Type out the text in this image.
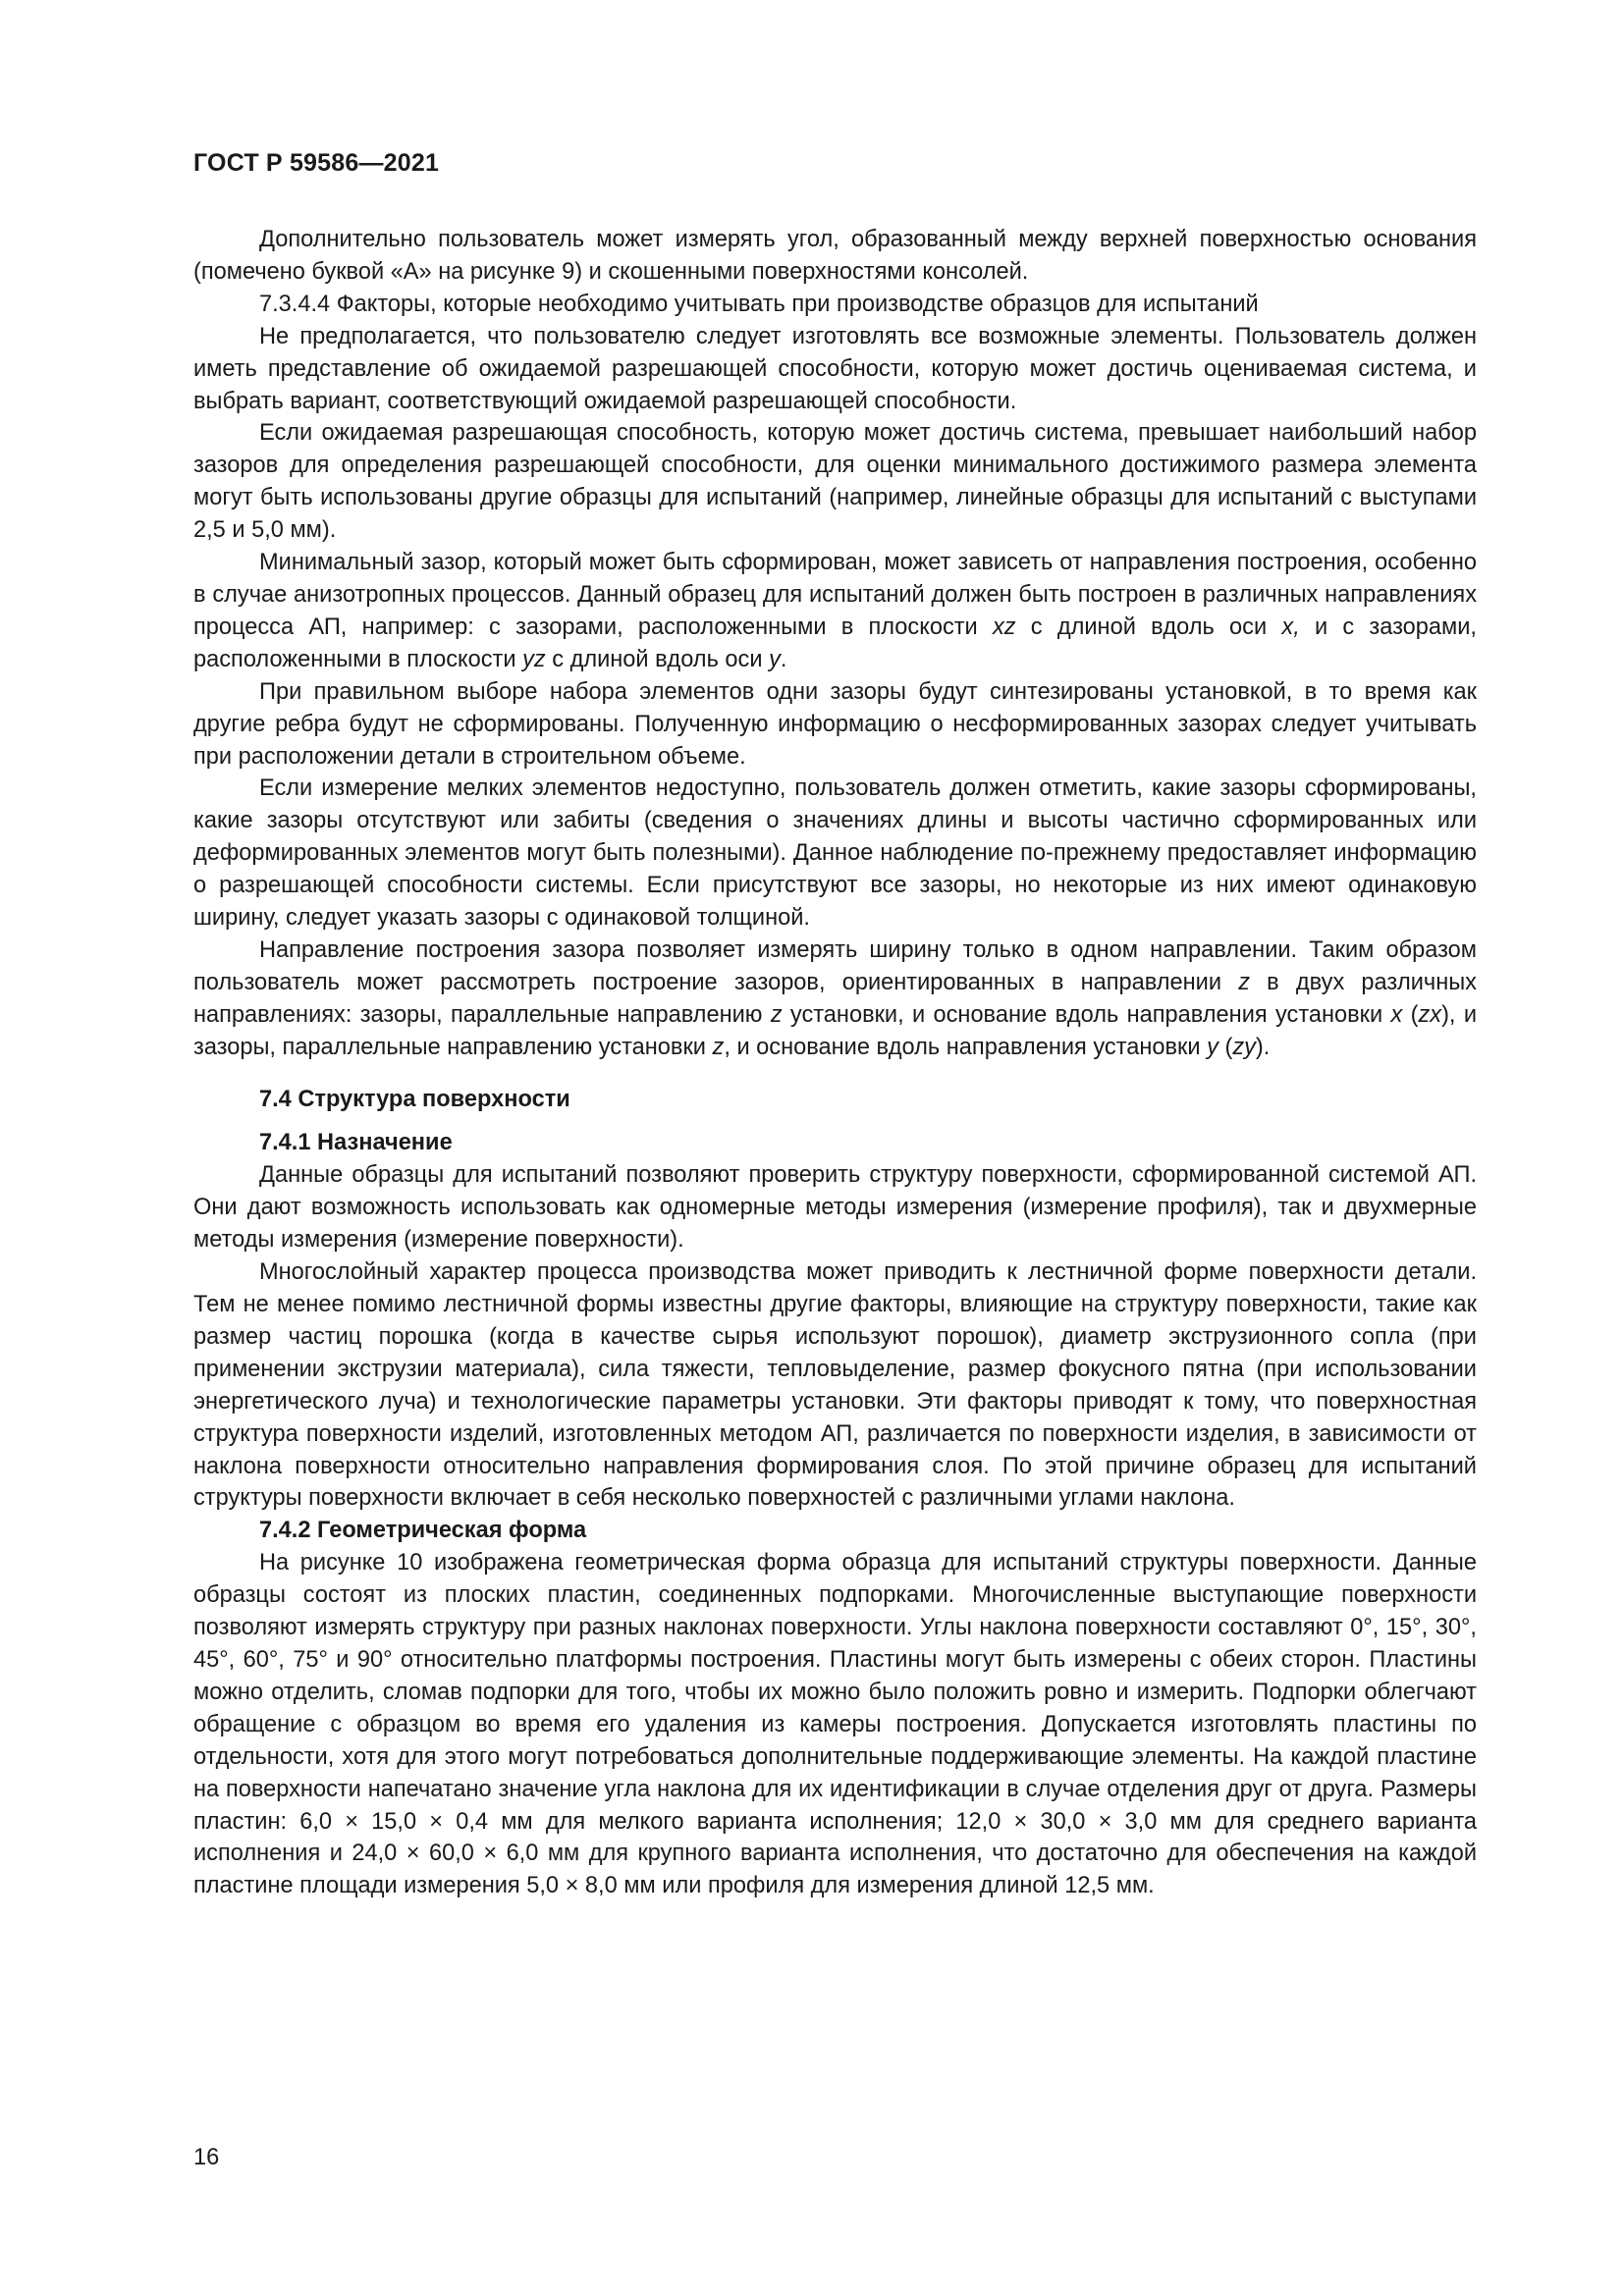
ГОСТ Р 59586—2021

Дополнительно пользователь может измерять угол, образованный между верхней поверхностью основания (помечено буквой «A» на рисунке 9) и скошенными поверхностями консолей.

7.3.4.4 Факторы, которые необходимо учитывать при производстве образцов для испытаний

Не предполагается, что пользователю следует изготовлять все возможные элементы. Пользователь должен иметь представление об ожидаемой разрешающей способности, которую может достичь оцениваемая система, и выбрать вариант, соответствующий ожидаемой разрешающей способности.

Если ожидаемая разрешающая способность, которую может достичь система, превышает наибольший набор зазоров для определения разрешающей способности, для оценки минимального достижимого размера элемента могут быть использованы другие образцы для испытаний (например, линейные образцы для испытаний с выступами 2,5 и 5,0 мм).

Минимальный зазор, который может быть сформирован, может зависеть от направления построения, особенно в случае анизотропных процессов. Данный образец для испытаний должен быть построен в различных направлениях процесса АП, например: с зазорами, расположенными в плоскости xz с длиной вдоль оси x, и с зазорами, расположенными в плоскости yz с длиной вдоль оси y.

При правильном выборе набора элементов одни зазоры будут синтезированы установкой, в то время как другие ребра будут не сформированы. Полученную информацию о несформированных зазорах следует учитывать при расположении детали в строительном объеме.

Если измерение мелких элементов недоступно, пользователь должен отметить, какие зазоры сформированы, какие зазоры отсутствуют или забиты (сведения о значениях длины и высоты частично сформированных или деформированных элементов могут быть полезными). Данное наблюдение по-прежнему предоставляет информацию о разрешающей способности системы. Если присутствуют все зазоры, но некоторые из них имеют одинаковую ширину, следует указать зазоры с одинаковой толщиной.

Направление построения зазора позволяет измерять ширину только в одном направлении. Таким образом пользователь может рассмотреть построение зазоров, ориентированных в направлении z в двух различных направлениях: зазоры, параллельные направлению z установки, и основание вдоль направления установки x (zx), и зазоры, параллельные направлению установки z, и основание вдоль направления установки y (zy).

7.4 Структура поверхности
7.4.1 Назначение

Данные образцы для испытаний позволяют проверить структуру поверхности, сформированной системой АП. Они дают возможность использовать как одномерные методы измерения (измерение профиля), так и двухмерные методы измерения (измерение поверхности).

Многослойный характер процесса производства может приводить к лестничной форме поверхности детали. Тем не менее помимо лестничной формы известны другие факторы, влияющие на структуру поверхности, такие как размер частиц порошка (когда в качестве сырья используют порошок), диаметр экструзионного сопла (при применении экструзии материала), сила тяжести, тепловыделение, размер фокусного пятна (при использовании энергетического луча) и технологические параметры установки. Эти факторы приводят к тому, что поверхностная структура поверхности изделий, изготовленных методом АП, различается по поверхности изделия, в зависимости от наклона поверхности относительно направления формирования слоя. По этой причине образец для испытаний структуры поверхности включает в себя несколько поверхностей с различными углами наклона.

7.4.2 Геометрическая форма

На рисунке 10 изображена геометрическая форма образца для испытаний структуры поверхности. Данные образцы состоят из плоских пластин, соединенных подпорками. Многочисленные выступающие поверхности позволяют измерять структуру при разных наклонах поверхности. Углы наклона поверхности составляют 0°, 15°, 30°, 45°, 60°, 75° и 90° относительно платформы построения. Пластины могут быть измерены с обеих сторон. Пластины можно отделить, сломав подпорки для того, чтобы их можно было положить ровно и измерить. Подпорки облегчают обращение с образцом во время его удаления из камеры построения. Допускается изготовлять пластины по отдельности, хотя для этого могут потребоваться дополнительные поддерживающие элементы. На каждой пластине на поверхности напечатано значение угла наклона для их идентификации в случае отделения друг от друга. Размеры пластин: 6,0 × 15,0 × 0,4 мм для мелкого варианта исполнения; 12,0 × 30,0 × 3,0 мм для среднего варианта исполнения и 24,0 × 60,0 × 6,0 мм для крупного варианта исполнения, что достаточно для обеспечения на каждой пластине площади измерения 5,0 × 8,0 мм или профиля для измерения длиной 12,5 мм.

16
